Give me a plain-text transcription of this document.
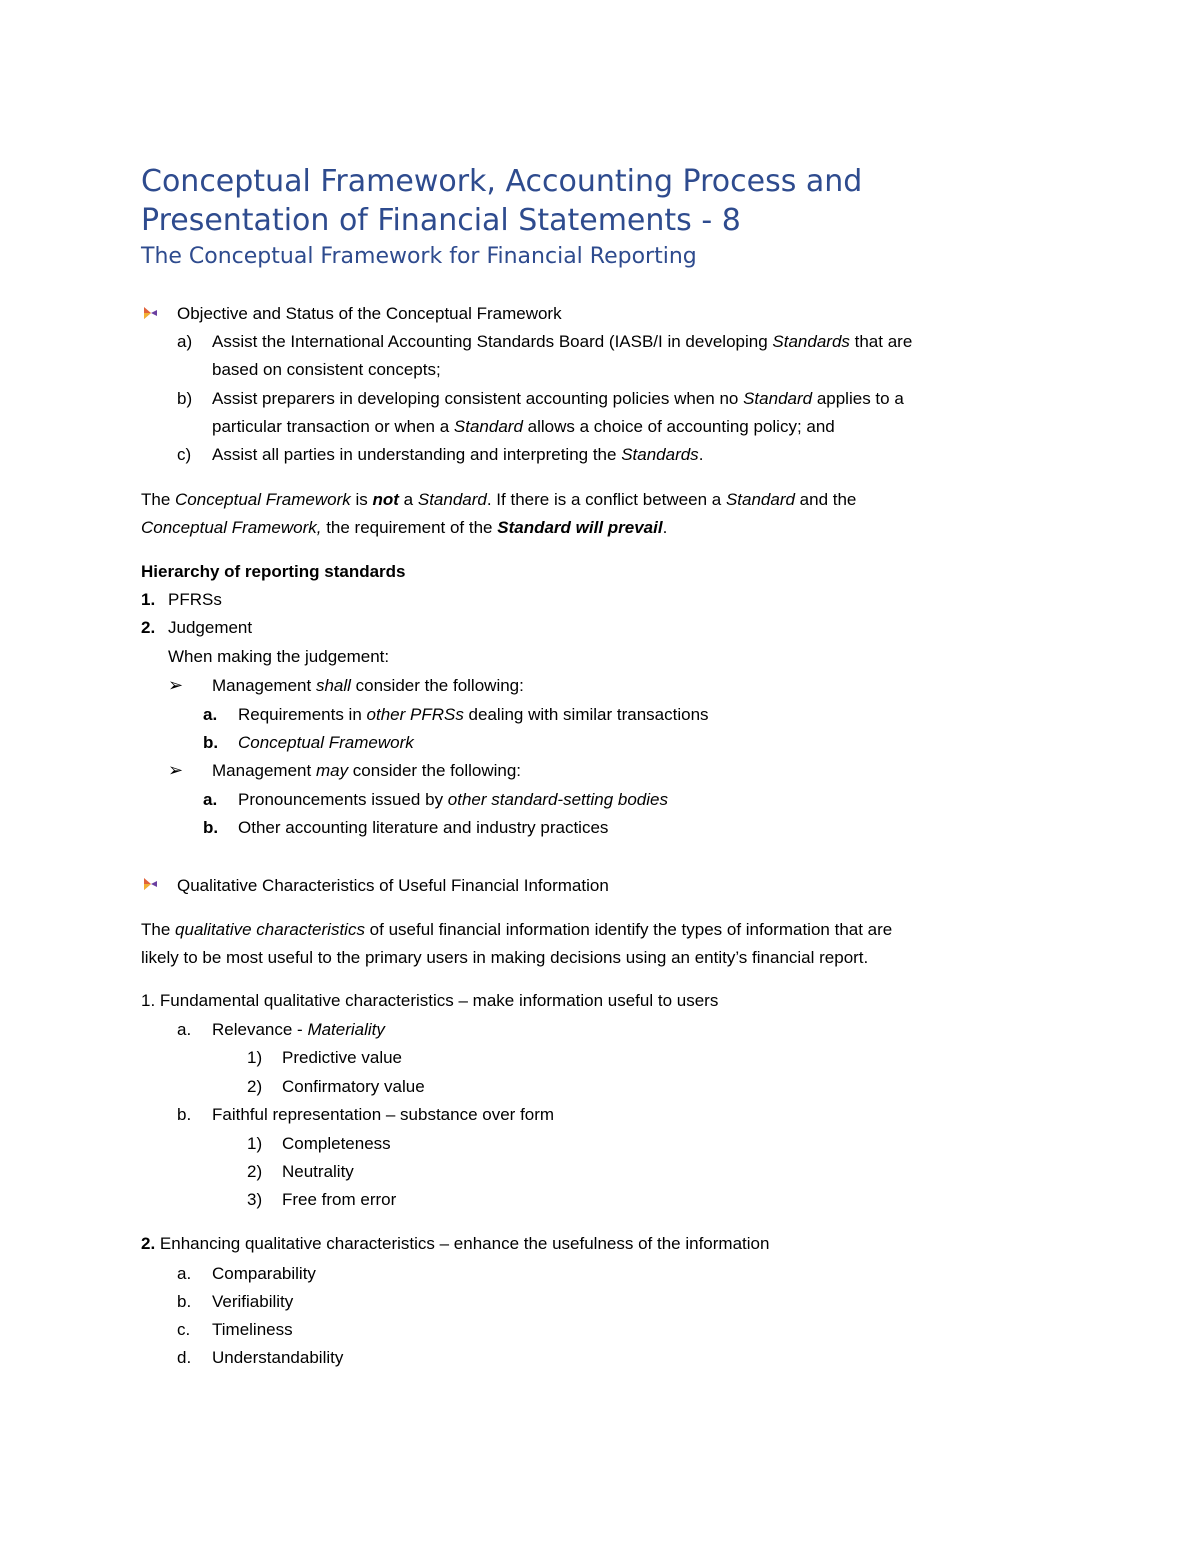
Conceptual Framework, Accounting Process and
Presentation of Financial Statements - 8
The Conceptual Framework for Financial Reporting
Objective and Status of the Conceptual Framework
a) Assist the International Accounting Standards Board (IASB/I in developing Standards that are
based on consistent concepts;
b) Assist preparers in developing consistent accounting policies when no Standard applies to a
particular transaction or when a Standard allows a choice of accounting policy; and
c) Assist all parties in understanding and interpreting the Standards.
The Conceptual Framework is not a Standard. If there is a conflict between a Standard and the
Conceptual Framework, the requirement of the Standard will prevail.
Hierarchy of reporting standards
1. PFRSs
2. Judgement
When making the judgement:
➢ Management shall consider the following:
a. Requirements in other PFRSs dealing with similar transactions
b. Conceptual Framework
➢ Management may consider the following:
a. Pronouncements issued by other standard-setting bodies
b. Other accounting literature and industry practices
Qualitative Characteristics of Useful Financial Information
The qualitative characteristics of useful financial information identify the types of information that are
likely to be most useful to the primary users in making decisions using an entity’s financial report.
1. Fundamental qualitative characteristics – make information useful to users
a. Relevance - Materiality
1) Predictive value
2) Confirmatory value
b. Faithful representation – substance over form
1) Completeness
2) Neutrality
3) Free from error
2. Enhancing qualitative characteristics – enhance the usefulness of the information
a. Comparability
b. Verifiability
c. Timeliness
d. Understandability
